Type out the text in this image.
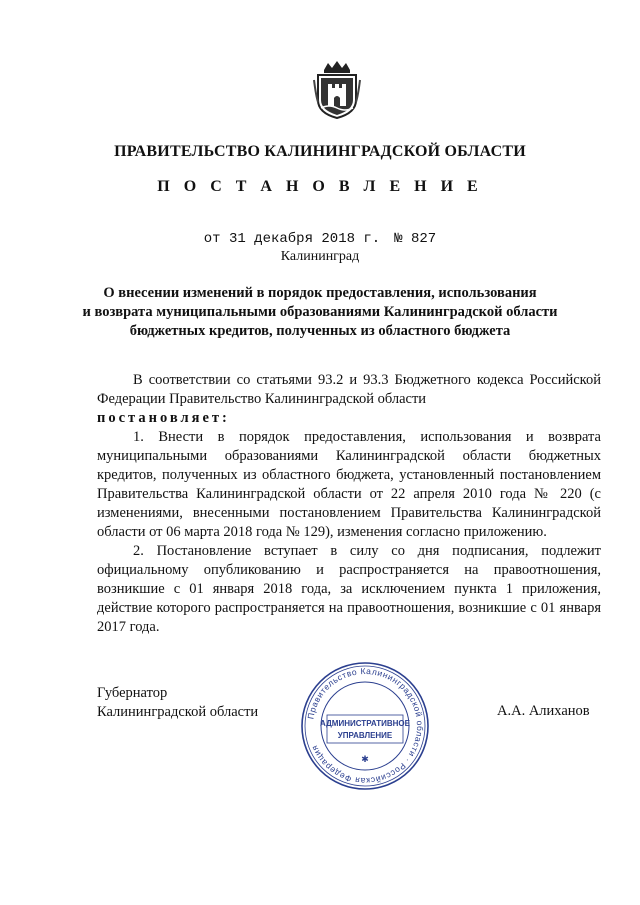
ПРАВИТЕЛЬСТВО КАЛИНИНГРАДСКОЙ ОБЛАСТИ
П О С Т А Н О В Л Е Н И Е
от 31 декабря 2018 г. № 827
Калининград
О внесении изменений в порядок предоставления, использования
и возврата муниципальными образованиями Калининградской области
бюджетных кредитов, полученных из областного бюджета

В соответствии со статьями 93.2 и 93.3 Бюджетного кодекса Российской Федерации Правительство Калининградской области

постановляет:

1. Внести в порядок предоставления, использования и возврата муниципальными образованиями Калининградской области бюджетных кредитов, полученных из областного бюджета, установленный постановлением Правительства Калининградской области от 22 апреля 2010 года № 220 (с изменениями, внесенными постановлением Правительства Калининградской области от 06 марта 2018 года № 129), изменения согласно приложению.

2. Постановление вступает в силу со дня подписания, подлежит официальному опубликованию и распространяется на правоотношения, возникшие с 01 января 2018 года, за исключением пункта 1 приложения, действие которого распространяется на правоотношения, возникшие с 01 января 2017 года.

Губернатор
Калининградской области	Правительство Калининградской области · Российская Федерация
АДМИНИСТРАТИВНОЕ
УПРАВЛЕНИЕ
✱
А.А. Алиханов
